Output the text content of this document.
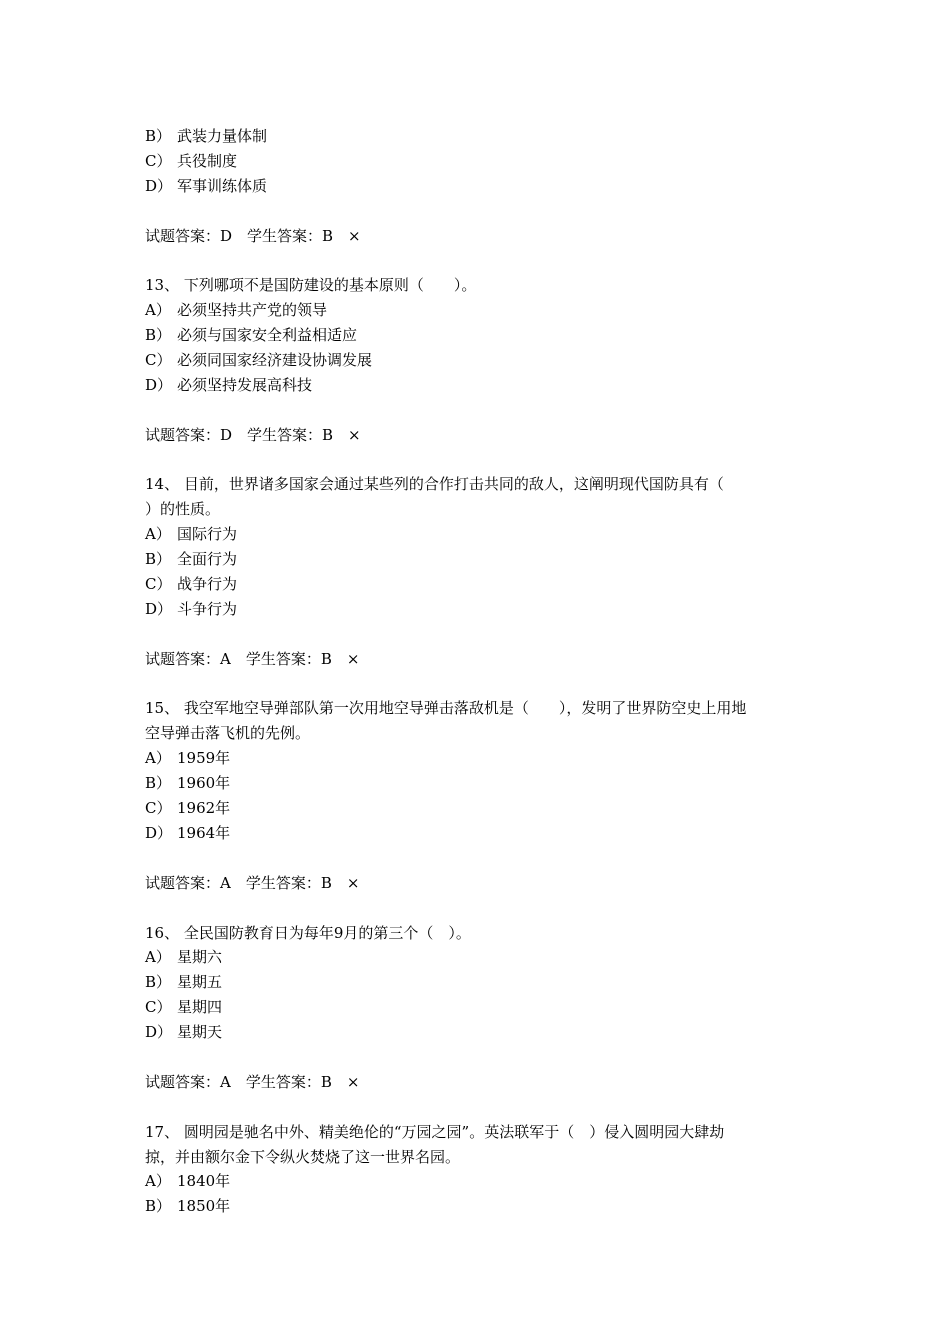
B） 武装力量体制
C） 兵役制度
D） 军事训练体质
试题答案：D　学生答案：B　×
13、 下列哪项不是国防建设的基本原则（　　）。
A） 必须坚持共产党的领导
B） 必须与国家安全利益相适应
C） 必须同国家经济建设协调发展
D） 必须坚持发展高科技
试题答案：D　学生答案：B　×
14、 目前，世界诸多国家会通过某些列的合作打击共同的敌人，这阐明现代国防具有（
）的性质。
A） 国际行为
B） 全面行为
C） 战争行为
D） 斗争行为
试题答案：A　学生答案：B　×
15、 我空军地空导弹部队第一次用地空导弹击落敌机是（　　），发明了世界防空史上用地
空导弹击落飞机的先例。
A） 1959年
B） 1960年
C） 1962年
D） 1964年
试题答案：A　学生答案：B　×
16、 全民国防教育日为每年9月的第三个（　）。
A） 星期六
B） 星期五
C） 星期四
D） 星期天
试题答案：A　学生答案：B　×
17、 圆明园是驰名中外、精美绝伦的“万园之园”。英法联军于（　）侵入圆明园大肆劫
掠，并由额尔金下令纵火焚烧了这一世界名园。
A） 1840年
B） 1850年
